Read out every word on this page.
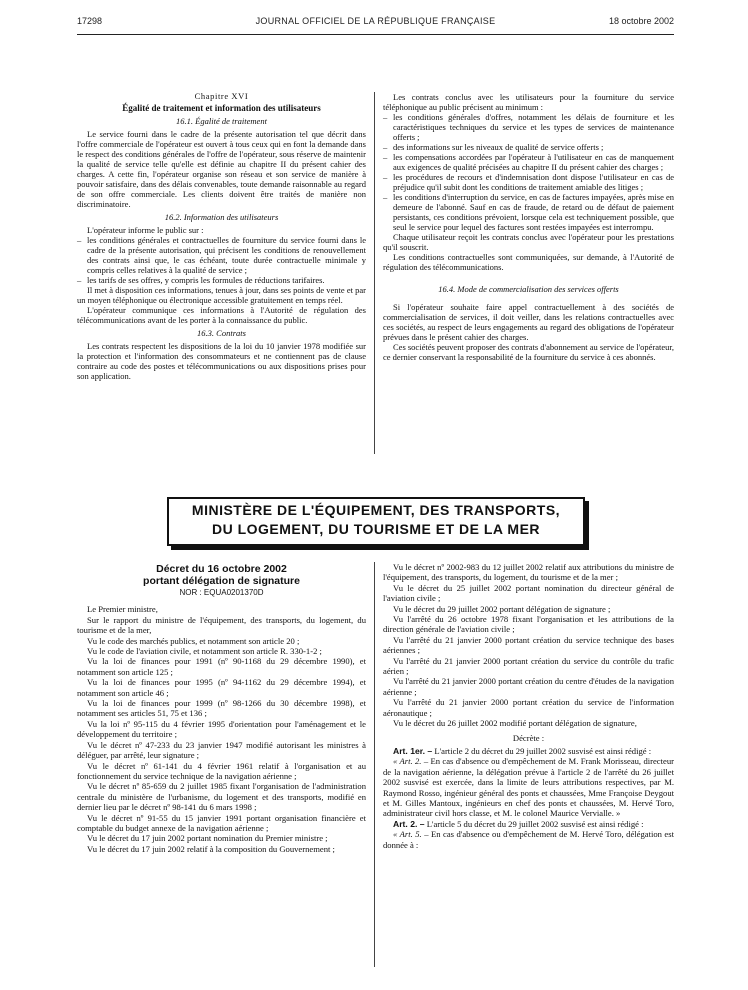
17298	JOURNAL OFFICIEL DE LA RÉPUBLIQUE FRANÇAISE	18 octobre 2002
Chapitre XVI
Égalité de traitement et information des utilisateurs
16.1. Égalité de traitement

Le service fourni dans le cadre de la présente autorisation tel que décrit dans l'offre commerciale de l'opérateur est ouvert à tous ceux qui en font la demande dans le respect des conditions générales de l'offre de l'opérateur, sous réserve de maintenir la qualité de service telle qu'elle est définie au chapitre II du présent cahier des charges. A cette fin, l'opérateur organise son réseau et son service de manière à pouvoir satisfaire, dans des délais convenables, toute demande raisonnable au regard de son offre commerciale. Les clients doivent être traités de manière non discriminatoire.

16.2. Information des utilisateurs

L'opérateur informe le public sur :

– les conditions générales et contractuelles de fourniture du service fourni dans le cadre de la présente autorisation, qui précisent les conditions de renouvellement des contrats ainsi que, le cas échéant, toute durée contractuelle minimale y compris celles relatives à la qualité de service ;
– les tarifs de ses offres, y compris les formules de réductions tarifaires.

Il met à disposition ces informations, tenues à jour, dans ses points de vente et par un moyen téléphonique ou électronique accessible gratuitement en temps réel.

L'opérateur communique ces informations à l'Autorité de régulation des télécommunications avant de les porter à la connaissance du public.

16.3. Contrats

Les contrats respectent les dispositions de la loi du 10 janvier 1978 modifiée sur la protection et l'information des consommateurs et ne contiennent pas de clause contraire au code des postes et télécommunications ou aux dispositions prises pour son application.

Les contrats conclus avec les utilisateurs pour la fourniture du service téléphonique au public précisent au minimum :

– les conditions générales d'offres, notamment les délais de fourniture et les caractéristiques techniques du service et les types de services de maintenance offerts ;
– des informations sur les niveaux de qualité de service offerts ;
– les compensations accordées par l'opérateur à l'utilisateur en cas de manquement aux exigences de qualité précisées au chapitre II du présent cahier des charges ;
– les procédures de recours et d'indemnisation dont dispose l'utilisateur en cas de préjudice qu'il subit dont les conditions de traitement amiable des litiges ;
– les conditions d'interruption du service, en cas de factures impayées, après mise en demeure de l'abonné. Sauf en cas de fraude, de retard ou de défaut de paiement persistants, ces conditions prévoient, lorsque cela est techniquement possible, que seul le service pour lequel des factures sont restées impayées est interrompu.

Chaque utilisateur reçoit les contrats conclus avec l'opérateur pour les prestations qu'il souscrit.

Les conditions contractuelles sont communiquées, sur demande, à l'Autorité de régulation des télécommunications.

16.4. Mode de commercialisation des services offerts

Si l'opérateur souhaite faire appel contractuellement à des sociétés de commercialisation de services, il doit veiller, dans les relations contractuelles avec ces sociétés, au respect de leurs engagements au regard des obligations de l'opérateur prévues dans le présent cahier des charges.

Ces sociétés peuvent proposer des contrats d'abonnement au service de l'opérateur, ce dernier conservant la responsabilité de la fourniture du service à ces abonnés.

MINISTÈRE DE L'ÉQUIPEMENT, DES TRANSPORTS,
DU LOGEMENT, DU TOURISME ET DE LA MER
Décret du 16 octobre 2002
portant délégation de signature
NOR : EQUA0201370D

Le Premier ministre,

Sur le rapport du ministre de l'équipement, des transports, du logement, du tourisme et de la mer,

Vu le code des marchés publics, et notamment son article 20 ;

Vu le code de l'aviation civile, et notamment son article R. 330-1-2 ;

Vu la loi de finances pour 1991 (nº 90-1168 du 29 décembre 1990), et notamment son article 125 ;

Vu la loi de finances pour 1995 (nº 94-1162 du 29 décembre 1994), et notamment son article 46 ;

Vu la loi de finances pour 1999 (nº 98-1266 du 30 décembre 1998), et notamment ses articles 51, 75 et 136 ;

Vu la loi nº 95-115 du 4 février 1995 d'orientation pour l'aménagement et le développement du territoire ;

Vu le décret nº 47-233 du 23 janvier 1947 modifié autorisant les ministres à déléguer, par arrêté, leur signature ;

Vu le décret nº 61-141 du 4 février 1961 relatif à l'organisation et au fonctionnement du service technique de la navigation aérienne ;

Vu le décret nº 85-659 du 2 juillet 1985 fixant l'organisation de l'administration centrale du ministère de l'urbanisme, du logement et des transports, modifié en dernier lieu par le décret nº 98-141 du 6 mars 1998 ;

Vu le décret nº 91-55 du 15 janvier 1991 portant organisation financière et comptable du budget annexe de la navigation aérienne ;

Vu le décret du 17 juin 2002 portant nomination du Premier ministre ;

Vu le décret du 17 juin 2002 relatif à la composition du Gouvernement ;

Vu le décret nº 2002-983 du 12 juillet 2002 relatif aux attributions du ministre de l'équipement, des transports, du logement, du tourisme et de la mer ;

Vu le décret du 25 juillet 2002 portant nomination du directeur général de l'aviation civile ;

Vu le décret du 29 juillet 2002 portant délégation de signature ;

Vu l'arrêté du 26 octobre 1978 fixant l'organisation et les attributions de la direction générale de l'aviation civile ;

Vu l'arrêté du 21 janvier 2000 portant création du service technique des bases aériennes ;

Vu l'arrêté du 21 janvier 2000 portant création du service du contrôle du trafic aérien ;

Vu l'arrêté du 21 janvier 2000 portant création du centre d'études de la navigation aérienne ;

Vu l'arrêté du 21 janvier 2000 portant création du service de l'information aéronautique ;

Vu le décret du 26 juillet 2002 modifié portant délégation de signature,

Décrète :

Art. 1er. – L'article 2 du décret du 29 juillet 2002 susvisé est ainsi rédigé :

« Art. 2. – En cas d'absence ou d'empêchement de M. Frank Morisseau, directeur de la navigation aérienne, la délégation prévue à l'article 2 de l'arrêté du 26 juillet 2002 susvisé est exercée, dans la limite de leurs attributions respectives, par M. Raymond Rosso, ingénieur général des ponts et chaussées, Mme Françoise Deygout et M. Gilles Mantoux, ingénieurs en chef des ponts et chaussées, M. Hervé Toro, administrateur civil hors classe, et M. le colonel Maurice Vervialle. »

Art. 2. – L'article 5 du décret du 29 juillet 2002 susvisé est ainsi rédigé :

« Art. 5. – En cas d'absence ou d'empêchement de M. Hervé Toro, délégation est donnée à :
